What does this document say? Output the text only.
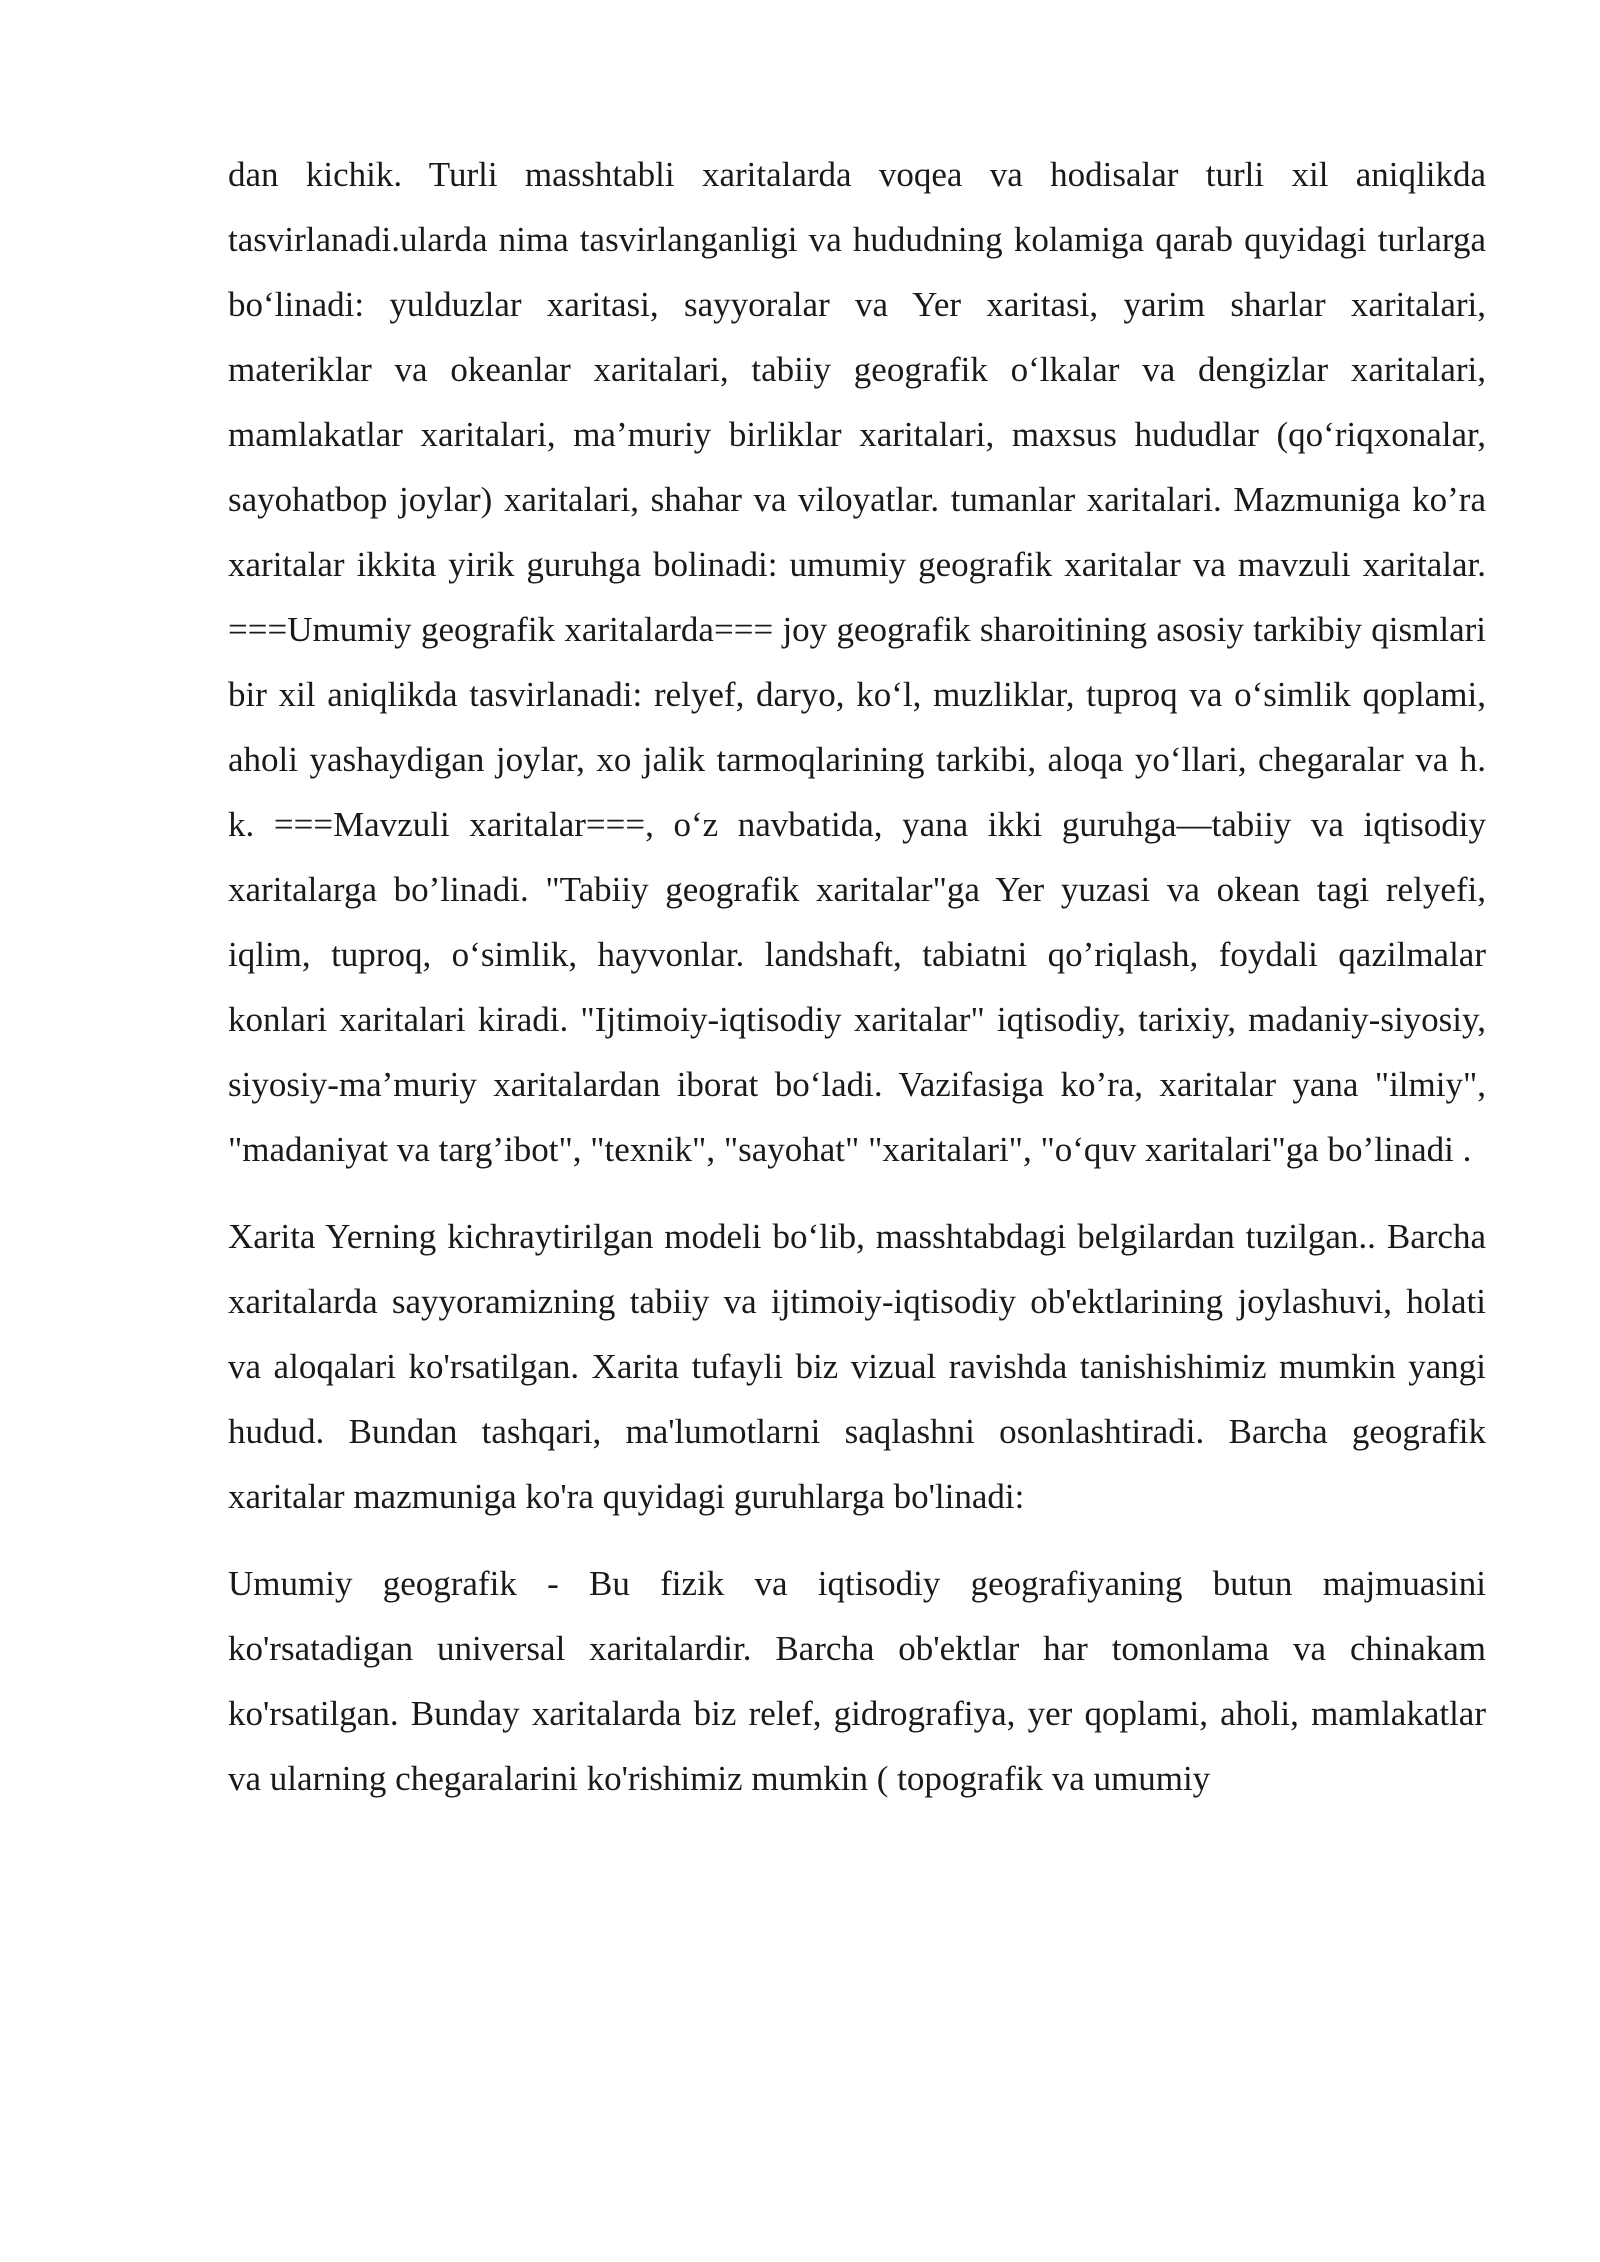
dan kichik. Turli masshtabli xaritalarda voqea va hodisalar turli xil aniqlikda tasvirlanadi.ularda nima tasvirlanganligi va hududning kolamiga qarab quyidagi turlarga bo‘linadi: yulduzlar xaritasi, sayyoralar va Yer xaritasi, yarim sharlar xaritalari, materiklar va okeanlar xaritalari, tabiiy geografik o‘lkalar va dengizlar xaritalari, mamlakatlar xaritalari, ma’muriy birliklar xaritalari, maxsus hududlar (qo‘riqxonalar, sayohatbop joylar) xaritalari, shahar va viloyatlar. tumanlar xaritalari. Mazmuniga ko’ra xaritalar ikkita yirik guruhga bolinadi: umumiy geografik xaritalar va mavzuli xaritalar. ===Umumiy geografik xaritalarda=== joy geografik sharoitining asosiy tarkibiy qismlari bir xil aniqlikda tasvirlanadi: relyef, daryo, ko‘l, muzliklar, tuproq va o‘simlik qoplami, aholi yashaydigan joylar, xo jalik tarmoqlarining tarkibi, aloqa yo‘llari, chegaralar va h. k. ===Mavzuli xaritalar===, o‘z navbatida, yana ikki guruhga—tabiiy va iqtisodiy xaritalarga bo’linadi. "Tabiiy geografik xaritalar"ga Yer yuzasi va okean tagi relyefi, iqlim, tuproq, o‘simlik, hayvonlar. landshaft, tabiatni qo’riqlash, foydali qazilmalar konlari xaritalari kiradi. "Ijtimoiy-iqtisodiy xaritalar" iqtisodiy, tarixiy, madaniy-siyosiy, siyosiy-ma’muriy xaritalardan iborat bo‘ladi. Vazifasiga ko’ra, xaritalar yana "ilmiy", "madaniyat va targ’ibot", "texnik", "sayohat" "xaritalari", "o‘quv xaritalari"ga bo’linadi .

Xarita Yerning kichraytirilgan modeli bo‘lib, masshtabdagi belgilardan tuzilgan.. Barcha xaritalarda sayyoramizning tabiiy va ijtimoiy-iqtisodiy ob'ektlarining joylashuvi, holati va aloqalari ko'rsatilgan. Xarita tufayli biz vizual ravishda tanishishimiz mumkin yangi hudud. Bundan tashqari, ma'lumotlarni saqlashni osonlashtiradi. Barcha geografik xaritalar mazmuniga ko'ra quyidagi guruhlarga bo'linadi:

Umumiy geografik - Bu fizik va iqtisodiy geografiyaning butun majmuasini ko'rsatadigan universal xaritalardir. Barcha ob'ektlar har tomonlama va chinakam ko'rsatilgan. Bunday xaritalarda biz relef, gidrografiya, yer qoplami, aholi, mamlakatlar va ularning chegaralarini ko'rishimiz mumkin ( topografik va umumiy
